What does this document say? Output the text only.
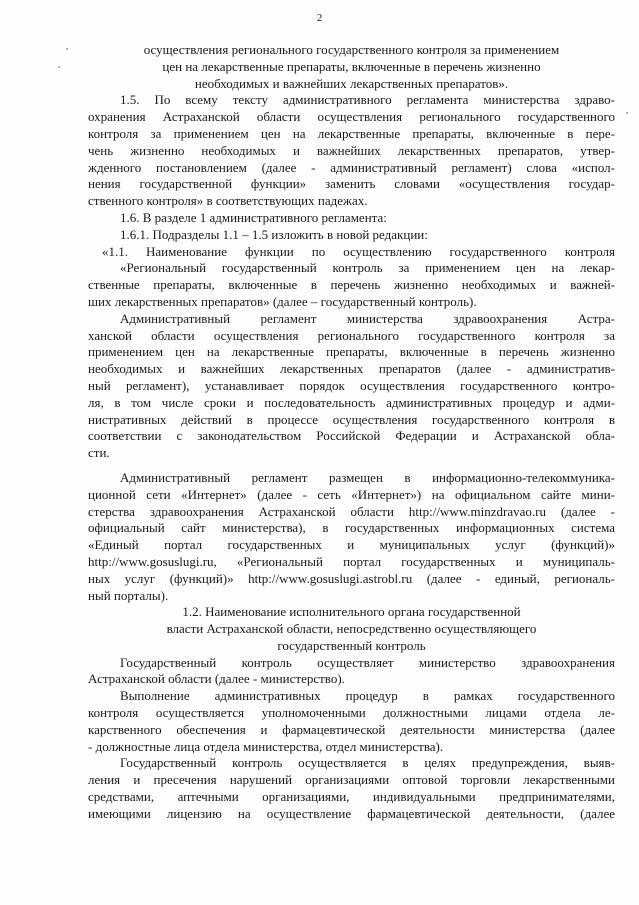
2
осуществления регионального государственного контроля за применением
цен на лекарственные препараты, включенные в перечень жизненно
необходимых и важнейших лекарственных препаратов».
1.5. По всему тексту административного регламента министерства здраво-
охранения Астраханской области осуществления регионального государственного
контроля за применением цен на лекарственные препараты, включенные в пере-
чень жизненно необходимых и важнейших лекарственных препаратов, утвер-
жденного постановлением (далее - административный регламент) слова «испол-
нения государственной функции» заменить словами «осуществления государ-
ственного контроля» в соответствующих падежах.
1.6. В разделе 1 административного регламента:
1.6.1. Подразделы 1.1 – 1.5 изложить в новой редакции:
«1.1. Наименование функции по осуществлению государственного контроля
«Региональный государственный контроль за применением цен на лекар-
ственные препараты, включенные в перечень жизненно необходимых и важней-
ших лекарственных препаратов» (далее – государственный контроль).
Административный регламент министерства здравоохранения Астра-
ханской области осуществления регионального государственного контроля за
применением цен на лекарственные препараты, включенные в перечень жизненно
необходимых и важнейших лекарственных препаратов (далее - административ-
ный регламент), устанавливает порядок осуществления государственного контро-
ля, в том числе сроки и последовательность административных процедур и адми-
нистративных действий в процессе осуществления государственного контроля в
соответствии с законодательством Российской Федерации и Астраханской обла-
сти.
Административный регламент размещен в информационно-телекоммуника-
ционной сети «Интернет» (далее - сеть «Интернет») на официальном сайте мини-
стерства здравоохранения Астраханской области http://www.minzdravao.ru (далее -
официальный сайт министерства), в государственных информационных система
«Единый портал государственных и муниципальных услуг (функций)»
http://www.gosuslugi.ru, «Региональный портал государственных и муниципаль-
ных услуг (функций)» http://www.gosuslugi.astrobl.ru (далее - единый, региональ-
ный порталы).
1.2. Наименование исполнительного органа государственной
власти Астраханской области, непосредственно осуществляющего
государственный контроль
Государственный контроль осуществляет министерство здравоохранения
Астраханской области (далее - министерство).
Выполнение административных процедур в рамках государственного
контроля осуществляется уполномоченными должностными лицами отдела ле-
карственного обеспечения и фармацевтической деятельности министерства (далее
- должностные лица отдела министерства, отдел министерства).
Государственный контроль осуществляется в целях предупреждения, выяв-
ления и пресечения нарушений организациями оптовой торговли лекарственными
средствами, аптечными организациями, индивидуальными предпринимателями,
имеющими лицензию на осуществление фармацевтической деятельности, (далее
